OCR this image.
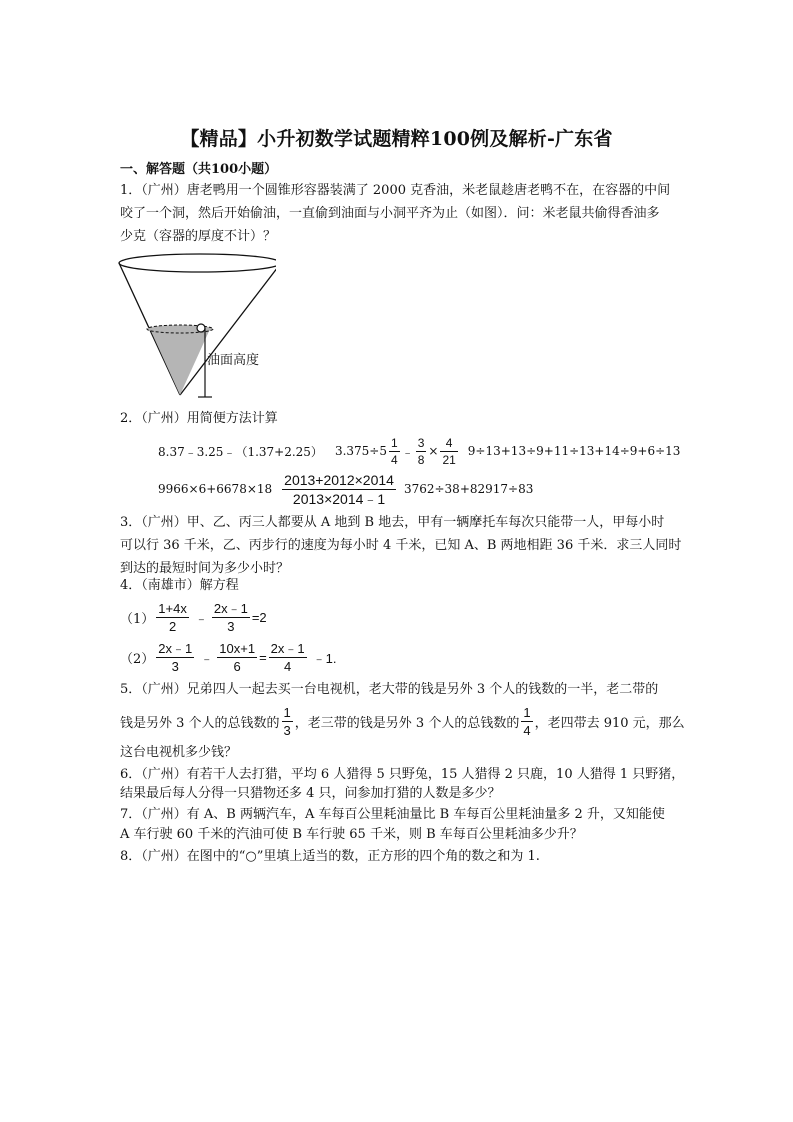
【精品】小升初数学试题精粹100例及解析-广东省
一、解答题（共100小题）
1．（广州）唐老鸭用一个圆锥形容器装满了 2000 克香油，米老鼠趁唐老鸭不在，在容器的中间
咬了一个洞，然后开始偷油，一直偷到油面与小洞平齐为止（如图）．问：米老鼠共偷得香油多
少克（容器的厚度不计）？
油面高度
2．（广州）用简便方法计算
8.37﹣3.25﹣（1.37+2.25） $3.375\div 5 \frac{1}{4}$ ﹣ $\frac{3}{8} \times \frac{4}{21} 9\div 13+13\div 9+11\div 13+14\div 9+6\div 13$
$9966\times 6+6678\times 18 \frac{2013+2012\times 2014}{2013\times 2014﹣1} 3762\div 38+82917\div 83$
3．（广州）甲、乙、丙三人都要从 A 地到 B 地去，甲有一辆摩托车每次只能带一人，甲每小时
可以行 36 千米，乙、丙步行的速度为每小时 4 千米，已知 A、B 两地相距 36 千米．求三人同时
到达的最短时间为多少小时？
4．（南雄市）解方程
$(1) \frac{1+4x}{2}$ ﹣ $\frac{2x﹣1}{3} =2$
$(2) \frac{2x﹣1}{3}$ ﹣ $\frac{10x+1}{6} = \frac{2x﹣1}{4}$ ﹣1.
5．（广州）兄弟四人一起去买一台电视机，老大带的钱是另外 3 个人的钱数的一半，老二带的
钱是另外 3 个人的总钱数的 $\frac{1}{3}$ ，老三带的钱是另外 3 个人的总钱数的 $\frac{1}{4}$ ，老四带去 910 元，那么
这台电视机多少钱？
6．（广州）有若干人去打猎，平均 6 人猎得 5 只野兔，15 人猎得 2 只鹿，10 人猎得 1 只野猪，
结果最后每人分得一只猎物还多 4 只，问参加打猎的人数是多少？
7．（广州）有 A、B 两辆汽车，A 车每百公里耗油量比 B 车每百公里耗油量多 2 升，又知能使
A 车行驶 60 千米的汽油可使 B 车行驶 65 千米，则 B 车每百公里耗油多少升？
8．（广州）在图中的“○”里填上适当的数，正方形的四个角的数之和为 1.
